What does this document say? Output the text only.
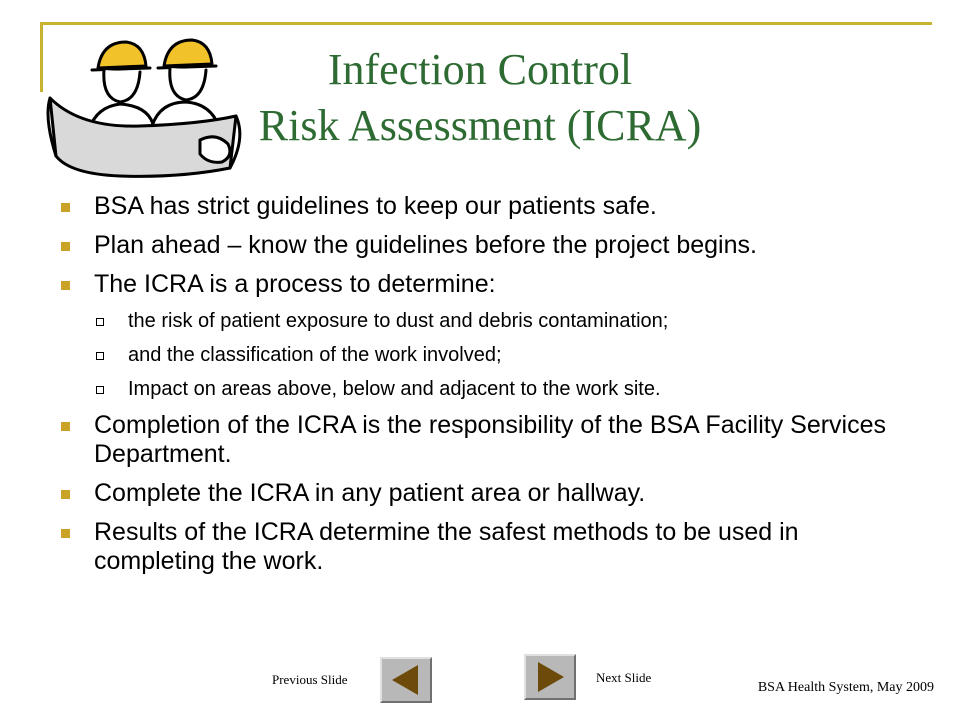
Infection Control
Risk Assessment (ICRA)
BSA has strict guidelines to keep our patients safe.
Plan ahead – know the guidelines before the project begins.
The ICRA is a process to determine:
the risk of patient exposure to dust and debris contamination;
and the classification of the work involved;
Impact on areas above, below and adjacent to the work site.
Completion of the ICRA is the responsibility of the BSA Facility Services Department.
Complete the ICRA in any patient area or hallway.
Results of the ICRA determine the safest methods to be used in completing the work.
Previous Slide	Next Slide
BSA Health System, May 2009
